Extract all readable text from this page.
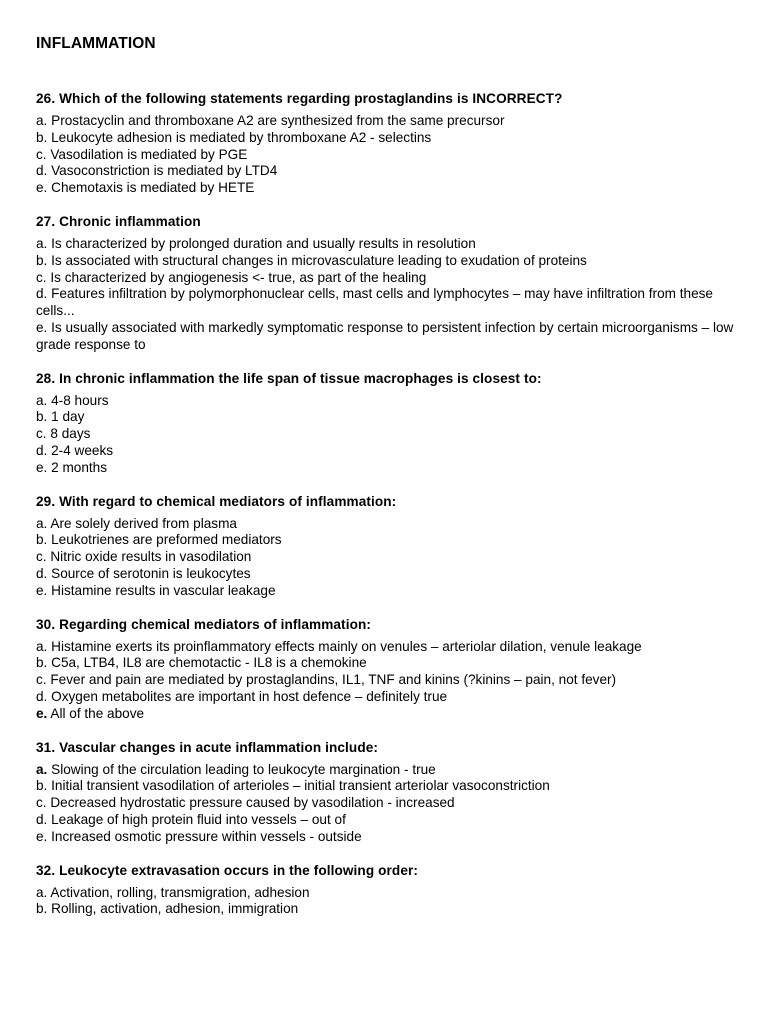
INFLAMMATION
26. Which of the following statements regarding prostaglandins is INCORRECT?
a. Prostacyclin and thromboxane A2 are synthesized from the same precursor
b. Leukocyte adhesion is mediated by thromboxane A2 - selectins
c. Vasodilation is mediated by PGE
d. Vasoconstriction is mediated by LTD4
e. Chemotaxis is mediated by HETE
27. Chronic inflammation
a. Is characterized by prolonged duration and usually results in resolution
b. Is associated with structural changes in microvasculature leading to exudation of proteins
c. Is characterized by angiogenesis <- true, as part of the healing
d. Features infiltration by polymorphonuclear cells, mast cells and lymphocytes – may have infiltration from these cells...
e. Is usually associated with markedly symptomatic response to persistent infection by certain microorganisms – low grade response to
28. In chronic inflammation the life span of tissue macrophages is closest to:
a. 4-8 hours
b. 1 day
c. 8 days
d. 2-4 weeks
e. 2 months
29. With regard to chemical mediators of inflammation:
a. Are solely derived from plasma
b. Leukotrienes are preformed mediators
c. Nitric oxide results in vasodilation
d. Source of serotonin is leukocytes
e. Histamine results in vascular leakage
30. Regarding chemical mediators of inflammation:
a. Histamine exerts its proinflammatory effects mainly on venules – arteriolar dilation, venule leakage
b. C5a, LTB4, IL8 are chemotactic - IL8 is a chemokine
c. Fever and pain are mediated by prostaglandins, IL1, TNF and kinins (?kinins – pain, not fever)
d. Oxygen metabolites are important in host defence – definitely true
e. All of the above
31. Vascular changes in acute inflammation include:
a. Slowing of the circulation leading to leukocyte margination - true
b. Initial transient vasodilation of arterioles – initial transient arteriolar vasoconstriction
c. Decreased hydrostatic pressure caused by vasodilation - increased
d. Leakage of high protein fluid into vessels – out of
e. Increased osmotic pressure within vessels - outside
32. Leukocyte extravasation occurs in the following order:
a. Activation, rolling, transmigration, adhesion
b. Rolling, activation, adhesion, immigration
